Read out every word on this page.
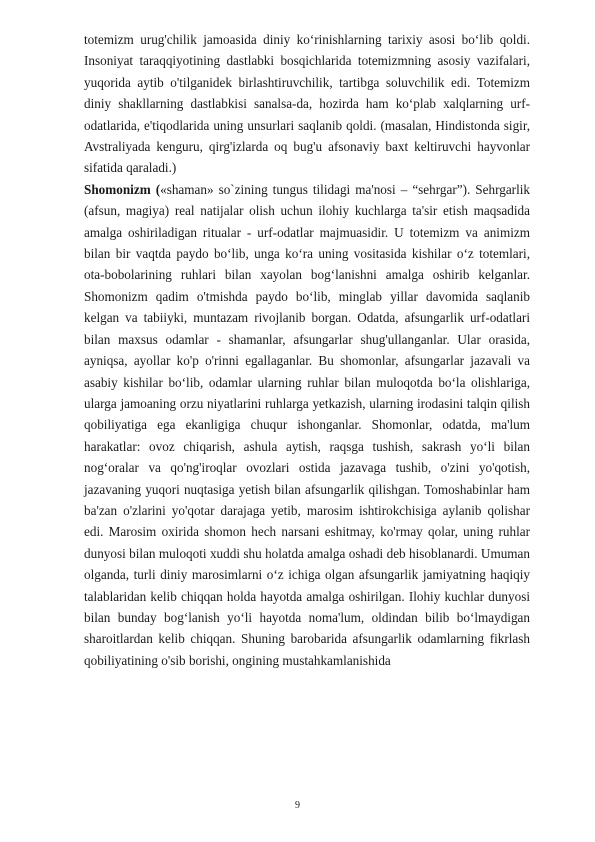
totemizm urug'chilik jamoasida diniy koʻrinishlarning tarixiy asosi boʻlib qoldi. Insoniyat taraqqiyotining dastlabki bosqichlarida totemizmning asosiy vazifalari, yuqorida aytib o'tilganidek birlashtiruvchilik, tartibga soluvchilik edi. Totemizm diniy shakllarning dastlabkisi sanalsa-da, hozirda ham koʻplab xalqlarning urf-odatlarida, e'tiqodlarida uning unsurlari saqlanib qoldi. (masalan, Hindistonda sigir, Avstraliyada kenguru, qirg'izlarda oq bug'u afsonaviy baxt keltiruvchi hayvonlar sifatida qaraladi.)

Shomonizm («shaman» so`zining tungus tilidagi ma'nosi – “sehrgar”). Sehrgarlik (afsun, magiya) real natijalar olish uchun ilohiy kuchlarga ta'sir etish maqsadida amalga oshiriladigan ritualar - urf-odatlar majmuasidir. U totemizm va animizm bilan bir vaqtda paydo boʻlib, unga koʻra uning vositasida kishilar oʻz totemlari, ota-bobolarining ruhlari bilan xayolan bogʻlanishni amalga oshirib kelganlar. Shomonizm qadim o'tmishda paydo boʻlib, minglab yillar davomida saqlanib kelgan va tabiiyki, muntazam rivojlanib borgan. Odatda, afsungarlik urf-odatlari bilan maxsus odamlar - shamanlar, afsungarlar shug'ullanganlar. Ular orasida, ayniqsa, ayollar ko'p o'rinni egallaganlar. Bu shomonlar, afsungarlar jazavali va asabiy kishilar boʻlib, odamlar ularning ruhlar bilan muloqotda boʻla olishlariga, ularga jamoaning orzu niyatlarini ruhlarga yetkazish, ularning irodasini talqin qilish qobiliyatiga ega ekanligiga chuqur ishonganlar. Shomonlar, odatda, ma'lum harakatlar: ovoz chiqarish, ashula aytish, raqsga tushish, sakrash yoʻli bilan nogʻoralar va qo'ng'iroqlar ovozlari ostida jazavaga tushib, o'zini yo'qotish, jazavaning yuqori nuqtasiga yetish bilan afsungarlik qilishgan. Tomoshabinlar ham ba'zan o'zlarini yo'qotar darajaga yetib, marosim ishtirokchisiga aylanib qolishar edi. Marosim oxirida shomon hech narsani eshitmay, ko'rmay qolar, uning ruhlar dunyosi bilan muloqoti xuddi shu holatda amalga oshadi deb hisoblanardi. Umuman olganda, turli diniy marosimlarni oʻz ichiga olgan afsungarlik jamiyatning haqiqiy talablaridan kelib chiqqan holda hayotda amalga oshirilgan. Ilohiy kuchlar dunyosi bilan bunday bogʻlanish yoʻli hayotda noma'lum, oldindan bilib boʻlmaydigan sharoitlardan kelib chiqqan. Shuning barobarida afsungarlik odamlarning fikrlash qobiliyatining o'sib borishi, ongining mustahkamlanishida

9
